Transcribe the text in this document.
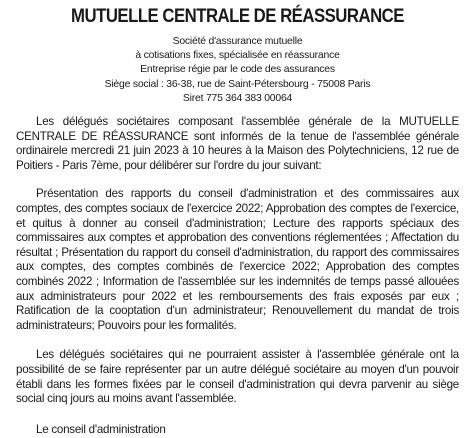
MUTUELLE CENTRALE DE RÉASSURANCE
Société d'assurance mutuelle
à cotisations fixes, spécialisée en réassurance
Entreprise régie par le code des assurances
Siège social : 36-38, rue de Saint-Pétersbourg - 75008 Paris
Siret 775 364 383 00064

Les délégués sociétaires composant l'assemblée générale de la MUTUELLE CENTRALE DE RÉASSURANCE sont informés de la tenue de l'assemblée générale ordinairele mercredi 21 juin 2023 à 10 heures à la Maison des Polytechniciens, 12 rue de Poitiers - Paris 7ème, pour délibérer sur l'ordre du jour suivant:

Présentation des rapports du conseil d'administration et des commissaires aux comptes, des comptes sociaux de l'exercice 2022; Approbation des comptes de l'exercice, et quitus à donner au conseil d'administration; Lecture des rapports spéciaux des commissaires aux comptes et approbation des conventions réglementées ; Affectation du résultat ; Présentation du rapport du conseil d'administration, du rapport des commissaires aux comptes, des comptes combinés de l'exercice 2022; Approbation des comptes combinés 2022 ; Information de l'assemblée sur les indemnités de temps passé allouées aux administrateurs pour 2022 et les remboursements des frais exposés par eux ; Ratification de la cooptation d'un administrateur; Renouvellement du mandat de trois administrateurs; Pouvoirs pour les formalités.

Les délégués sociétaires qui ne pourraient assister à l'assemblée générale ont la possibilité de se faire représenter par un autre délégué sociétaire au moyen d'un pouvoir établi dans les formes fixées par le conseil d'administration qui devra parvenir au siège social cinq jours au moins avant l'assemblée.

Le conseil d'administration
